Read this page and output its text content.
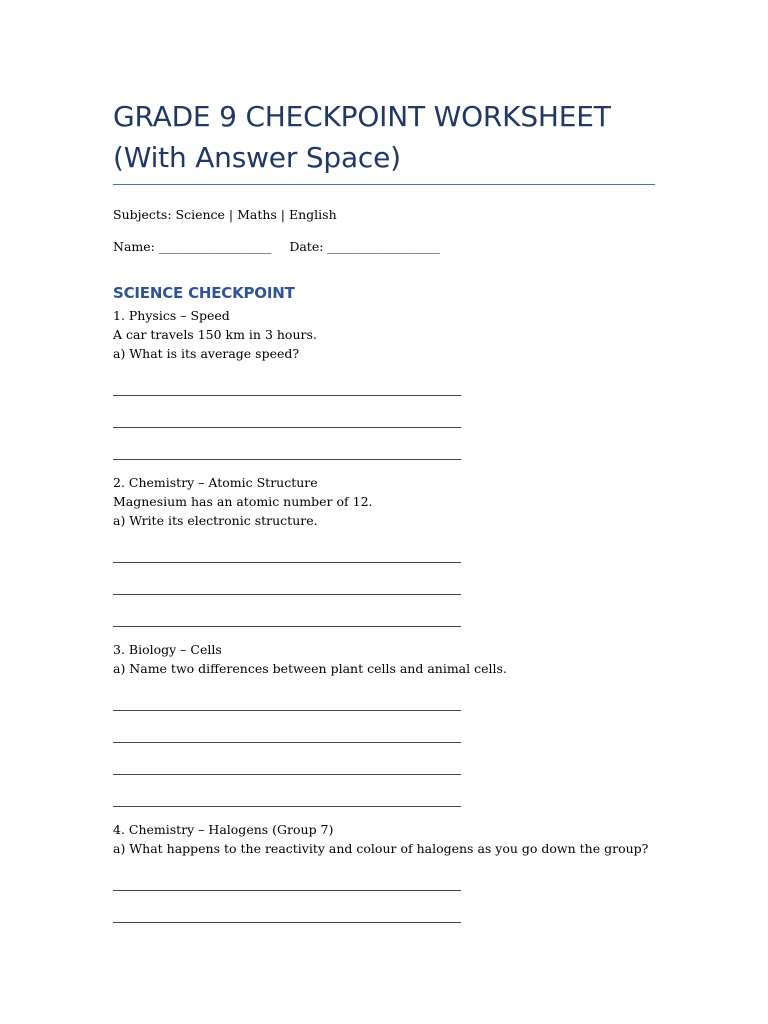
GRADE 9 CHECKPOINT WORKSHEET
(With Answer Space)
Subjects: Science | Maths | English
Name: __________________ Date: __________________
SCIENCE CHECKPOINT
1. Physics – Speed
A car travels 150 km in 3 hours.
a) What is its average speed?
2. Chemistry – Atomic Structure
Magnesium has an atomic number of 12.
a) Write its electronic structure.
3. Biology – Cells
a) Name two differences between plant cells and animal cells.
4. Chemistry – Halogens (Group 7)
a) What happens to the reactivity and colour of halogens as you go down the group?
